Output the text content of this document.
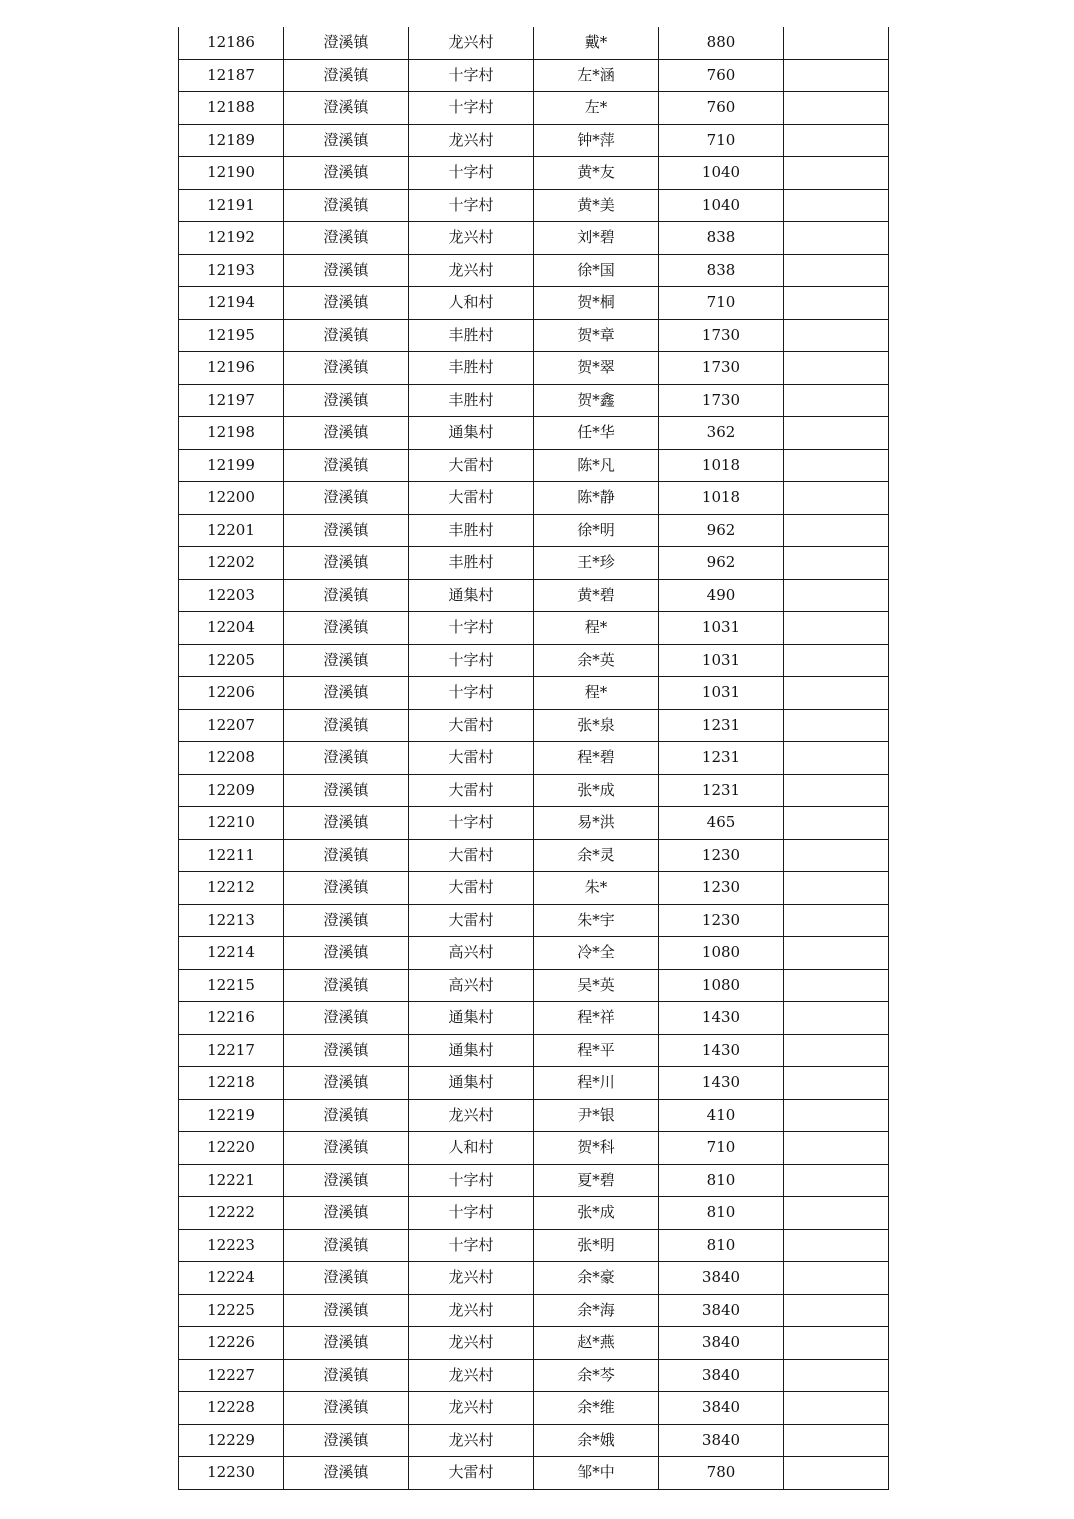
12186	澄溪镇	龙兴村	戴*	880	
12187	澄溪镇	十字村	左*涵	760	
12188	澄溪镇	十字村	左*	760	
12189	澄溪镇	龙兴村	钟*萍	710	
12190	澄溪镇	十字村	黄*友	1040	
12191	澄溪镇	十字村	黄*美	1040	
12192	澄溪镇	龙兴村	刘*碧	838	
12193	澄溪镇	龙兴村	徐*国	838	
12194	澄溪镇	人和村	贺*桐	710	
12195	澄溪镇	丰胜村	贺*章	1730	
12196	澄溪镇	丰胜村	贺*翠	1730	
12197	澄溪镇	丰胜村	贺*鑫	1730	
12198	澄溪镇	通集村	任*华	362	
12199	澄溪镇	大雷村	陈*凡	1018	
12200	澄溪镇	大雷村	陈*静	1018	
12201	澄溪镇	丰胜村	徐*明	962	
12202	澄溪镇	丰胜村	王*珍	962	
12203	澄溪镇	通集村	黄*碧	490	
12204	澄溪镇	十字村	程*	1031	
12205	澄溪镇	十字村	余*英	1031	
12206	澄溪镇	十字村	程*	1031	
12207	澄溪镇	大雷村	张*泉	1231	
12208	澄溪镇	大雷村	程*碧	1231	
12209	澄溪镇	大雷村	张*成	1231	
12210	澄溪镇	十字村	易*洪	465	
12211	澄溪镇	大雷村	余*灵	1230	
12212	澄溪镇	大雷村	朱*	1230	
12213	澄溪镇	大雷村	朱*宇	1230	
12214	澄溪镇	高兴村	冷*全	1080	
12215	澄溪镇	高兴村	吴*英	1080	
12216	澄溪镇	通集村	程*祥	1430	
12217	澄溪镇	通集村	程*平	1430	
12218	澄溪镇	通集村	程*川	1430	
12219	澄溪镇	龙兴村	尹*银	410	
12220	澄溪镇	人和村	贺*科	710	
12221	澄溪镇	十字村	夏*碧	810	
12222	澄溪镇	十字村	张*成	810	
12223	澄溪镇	十字村	张*明	810	
12224	澄溪镇	龙兴村	余*豪	3840	
12225	澄溪镇	龙兴村	余*海	3840	
12226	澄溪镇	龙兴村	赵*燕	3840	
12227	澄溪镇	龙兴村	余*芩	3840	
12228	澄溪镇	龙兴村	余*维	3840	
12229	澄溪镇	龙兴村	余*娥	3840	
12230	澄溪镇	大雷村	邹*中	780	
